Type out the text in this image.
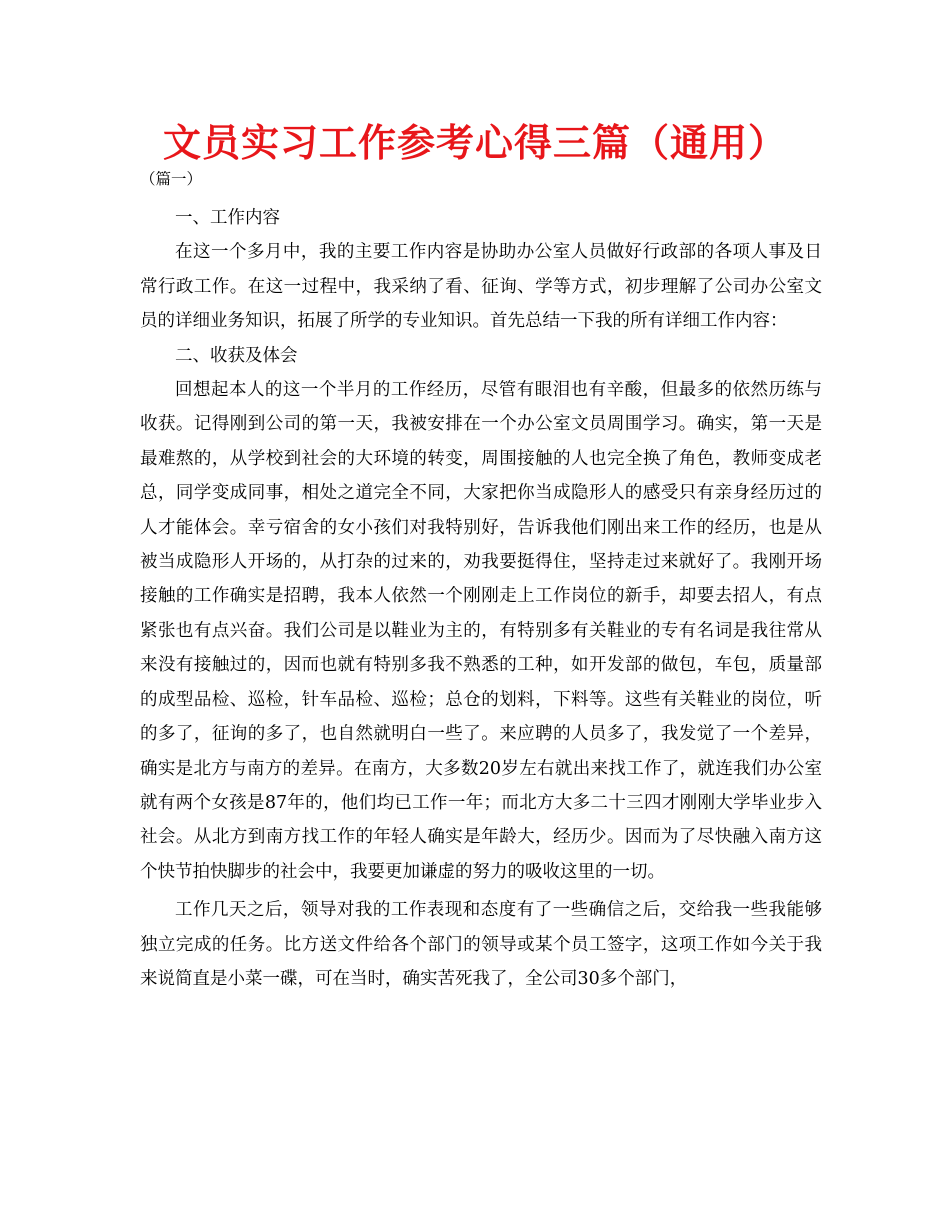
文员实习工作参考心得三篇（通用）
（篇一）

一、工作内容

在这一个多月中，我的主要工作内容是协助办公室人员做好行政部的各项人事及日常行政工作。在这一过程中，我采纳了看、征询、学等方式，初步理解了公司办公室文员的详细业务知识，拓展了所学的专业知识。首先总结一下我的所有详细工作内容：

二、收获及体会

回想起本人的这一个半月的工作经历，尽管有眼泪也有辛酸，但最多的依然历练与收获。记得刚到公司的第一天，我被安排在一个办公室文员周围学习。确实，第一天是最难熬的，从学校到社会的大环境的转变，周围接触的人也完全换了角色，教师变成老总，同学变成同事，相处之道完全不同，大家把你当成隐形人的感受只有亲身经历过的人才能体会。幸亏宿舍的女小孩们对我特别好，告诉我他们刚出来工作的经历，也是从被当成隐形人开场的，从打杂的过来的，劝我要挺得住，坚持走过来就好了。我刚开场接触的工作确实是招聘，我本人依然一个刚刚走上工作岗位的新手，却要去招人，有点紧张也有点兴奋。我们公司是以鞋业为主的，有特别多有关鞋业的专有名词是我往常从来没有接触过的，因而也就有特别多我不熟悉的工种，如开发部的做包，车包，质量部的成型品检、巡检，针车品检、巡检；总仓的划料，下料等。这些有关鞋业的岗位，听的多了，征询的多了，也自然就明白一些了。来应聘的人员多了，我发觉了一个差异，确实是北方与南方的差异。在南方，大多数20岁左右就出来找工作了，就连我们办公室就有两个女孩是87年的，他们均已工作一年；而北方大多二十三四才刚刚大学毕业步入社会。从北方到南方找工作的年轻人确实是年龄大，经历少。因而为了尽快融入南方这个快节拍快脚步的社会中，我要更加谦虚的努力的吸收这里的一切。

工作几天之后，领导对我的工作表现和态度有了一些确信之后，交给我一些我能够独立完成的任务。比方送文件给各个部门的领导或某个员工签字，这项工作如今关于我来说简直是小菜一碟，可在当时，确实苦死我了，全公司30多个部门，
